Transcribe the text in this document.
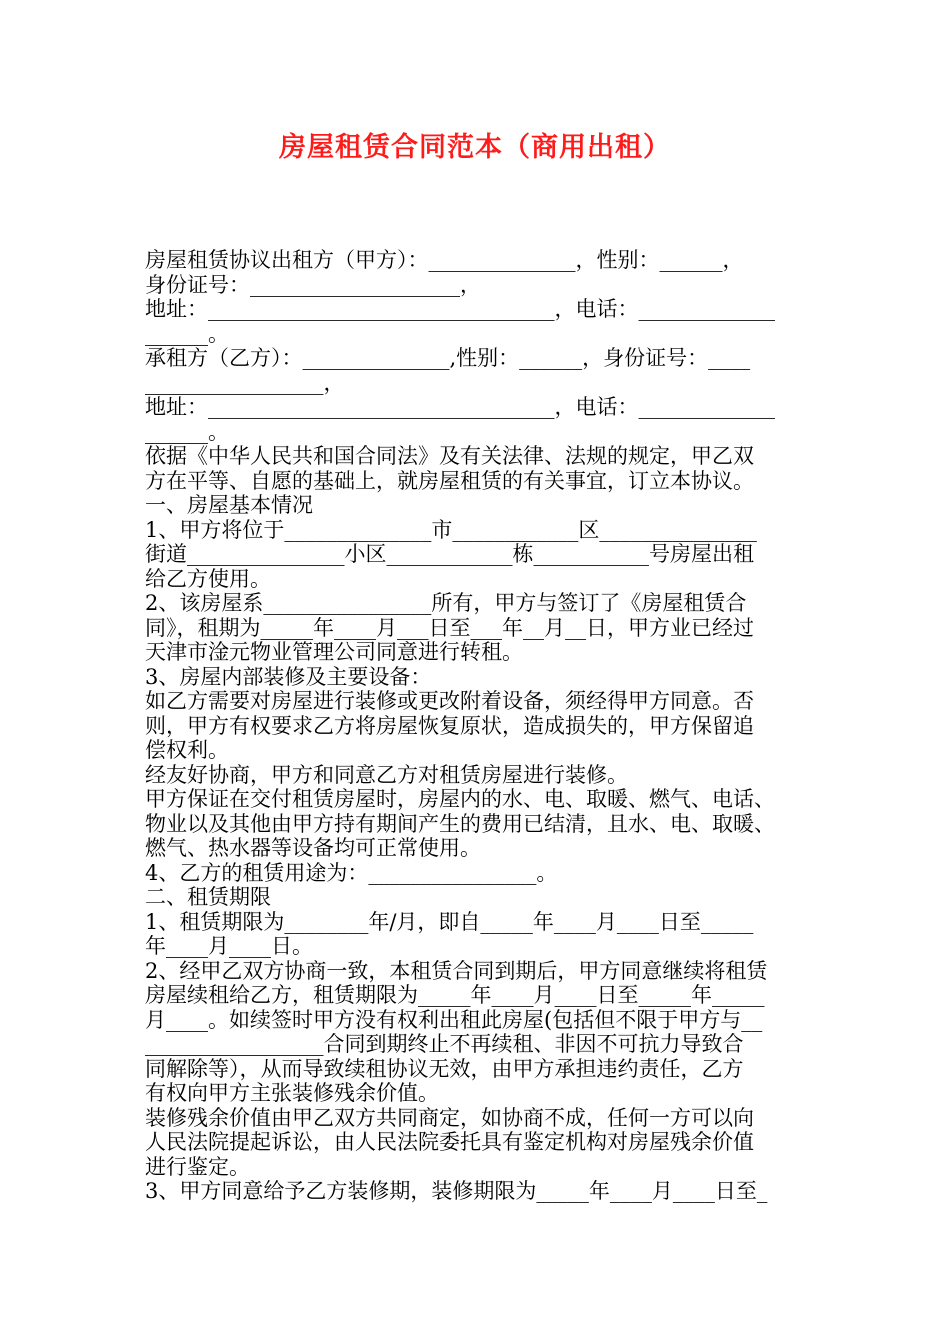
房屋租赁合同范本（商用出租）
房屋租赁协议出租方（甲方）：______________，性别：______，
身份证号：____________________，
地址：_________________________________，电话：_____________
______。
承租方（乙方）：______________,性别：______，身份证号：____
_________________，
地址：_________________________________，电话：_____________
______。
依据《中华人民共和国合同法》及有关法律、法规的规定，甲乙双
方在平等、自愿的基础上，就房屋租赁的有关事宜，订立本协议。
一、房屋基本情况
1、甲方将位于______________市____________区_______________
街道_______________小区____________栋___________号房屋出租
给乙方使用。
2、该房屋系________________所有，甲方与签订了《房屋租赁合
同》，租期为_____年____月___日至___年__月__日，甲方业已经过
天津市淦元物业管理公司同意进行转租。
3、房屋内部装修及主要设备：
如乙方需要对房屋进行装修或更改附着设备，须经得甲方同意。否
则，甲方有权要求乙方将房屋恢复原状，造成损失的，甲方保留追
偿权利。
经友好协商，甲方和同意乙方对租赁房屋进行装修。
甲方保证在交付租赁房屋时，房屋内的水、电、取暖、燃气、电话、
物业以及其他由甲方持有期间产生的费用已结清，且水、电、取暖、
燃气、热水器等设备均可正常使用。
4、乙方的租赁用途为：________________。
二、租赁期限
1、租赁期限为________年/月，即自_____年____月____日至_____
年____月____日。
2、经甲乙双方协商一致，本租赁合同到期后，甲方同意继续将租赁
房屋续租给乙方，租赁期限为_____年____月____日至_____年_____
月____。如续签时甲方没有权利出租此房屋(包括但不限于甲方与__
_________________合同到期终止不再续租、非因不可抗力导致合
同解除等），从而导致续租协议无效，由甲方承担违约责任，乙方
有权向甲方主张装修残余价值。
装修残余价值由甲乙双方共同商定，如协商不成，任何一方可以向
人民法院提起诉讼，由人民法院委托具有鉴定机构对房屋残余价值
进行鉴定。
3、甲方同意给予乙方装修期，装修期限为_____年____月____日至_
